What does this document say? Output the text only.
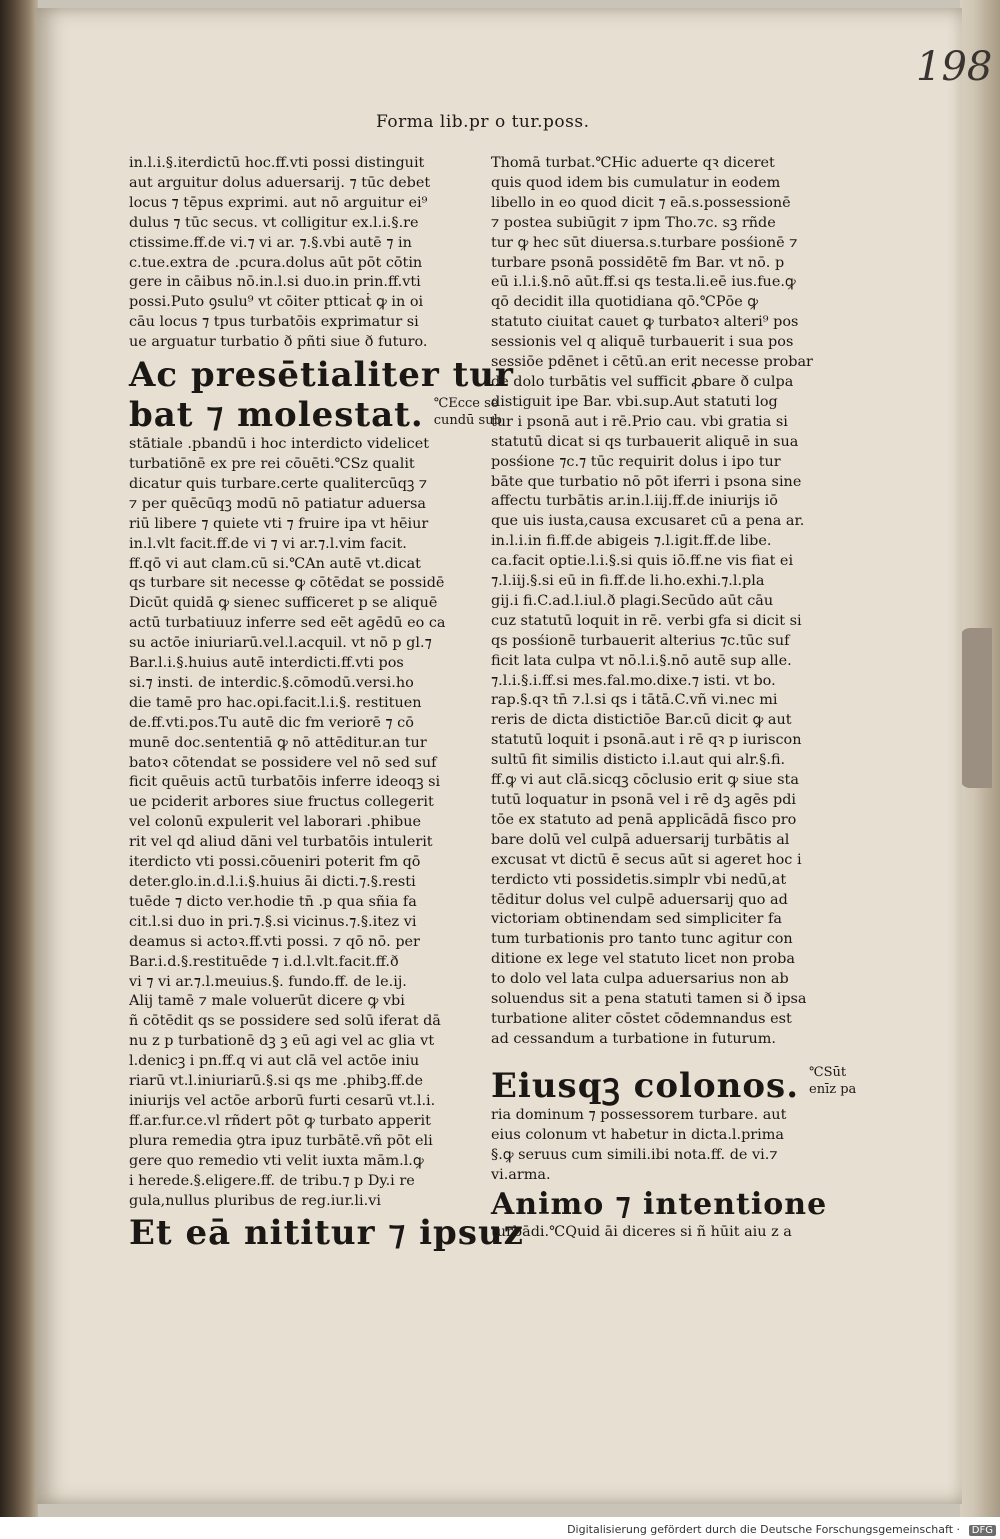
198
Forma lib.pr o tur.poss.
in.l.i.§.iterdictū hoc.ff.vti possi distinguit
aut arguitur dolus aduersarij. ⁊ tūc debet
locus ⁊ tēpus exprimi. aut nō arguitur ei⁹
dulus ⁊ tūc secus. vt colligitur ex.l.i.§.re
ctissime.ff.de vi.⁊ vi ar. ⁊.§.vbi autē ⁊ in
c.tue.extra de .pcura.dolus aūt pōt cōtin
gere in cāibus nō.in.l.si duo.in prin.ff.vti
possi.Puto ꝯsulu⁹ vt cōiter ptticaṫ ꝙ in oi
cāu locus ⁊ tpus turbatōis exprimatur si
ue arguatur turbatio ð pñti siue ð futuro.
Ac presētialiter tur
bat ⁊ molestat. ℃Ecce se
cundū sub
stātiale .pbandū i hoc interdicto videlicet
turbatiōnē ex pre rei cōuēti.℃Sz qualit
dicatur quis turbare.certe qualitercūqꝫ ⁊
⁊ per quēcūqꝫ modū nō patiatur aduersa
riū libere ⁊ quiete vti ⁊ fruire ipa vt hēiur
in.l.vlt facit.ff.de vi ⁊ vi ar.⁊.l.vim facit.
ff.qō vi aut clam.cū si.℃An autē vt.dicat
qs turbare sit necesse ꝙ cōtēdat se possidē
Dicūt quidā ꝙ sienec sufficeret p se aliquē
actū turbatiuuz inferre sed eēt agēdū eo ca
su actōe iniuriarū.vel.l.acquil. vt nō p gl.⁊
Bar.l.i.§.huius autē interdicti.ff.vti pos
si.⁊ insti. de interdic.§.cōmodū.versi.ho
die tamē pro hac.opi.facit.l.i.§. restituen
de.ff.vti.pos.Tu autē dic fm veriorē ⁊ cō
munē doc.sententiā ꝙ nō attēditur.an tur
batoꝛ cōtendat se possidere vel nō sed suf
ficit quēuis actū turbatōis inferre ideoqꝫ si
ue pciderit arbores siue fructus collegerit
vel colonū expulerit vel laborari .phibue
rit vel qd aliud dāni vel turbatōis intulerit
iterdicto vti possi.cōueniri poterit fm qō
deter.glo.in.d.l.i.§.huius āi dicti.⁊.§.resti
tuēde ⁊ dicto ver.hodie tn̄ .p qua sñia fa
cit.l.si duo in pri.⁊.§.si vicinus.⁊.§.itez vi
deamus si actoꝛ.ff.vti possi. ⁊ qō nō. per
Bar.i.d.§.restituēde ⁊ i.d.l.vlt.facit.ff.ð
vi ⁊ vi ar.⁊.l.meuius.§. fundo.ff. de le.ij.
Alij tamē ⁊ male voluerūt dicere ꝙ vbi
ñ cōtēdit qs se possidere sed solū iferat dā
nu z p turbationē dꝫ ꝫ eū agi vel ac glia vt
l.denicꝫ i pn.ff.q vi aut clā vel actōe iniu
riarū vt.l.iniuriarū.§.si qs me .phibꝫ.ff.de
iniurijs vel actōe arborū furti cesarū vt.l.i.
ff.ar.fur.ce.vl rñdert pōt ꝙ turbato apperit
plura remedia ꝯtra ipuz turbātē.vñ pōt eli
gere quo remedio vti velit iuxta mām.l.ꝙ
i herede.§.eligere.ff. de tribu.⁊ p Dy.i re
gula,nullus pluribus de reg.iur.li.vi
Et eā nititur ⁊ ipsuz
Thomā turbat.℃Hic aduerte qꝛ diceret
quis quod idem bis cumulatur in eodem
libello in eo quod dicit ⁊ eā.s.possessionē
⁊ postea subiūgit ⁊ ipm Tho.⁊c. sꝫ rñde
tur ꝙ hec sūt diuersa.s.turbare posśionē ⁊
turbare psonā possidētē fm Bar. vt nō. p
eū i.l.i.§.nō aūt.ff.si qs testa.li.eē ius.fue.ꝙ
qō decidit illa quotidiana qō.℃Pōe ꝙ
statuto ciuitat cauet ꝙ turbatoꝛ alteri⁹ pos
sessionis vel q aliquē turbauerit i sua pos
sessiōe pdēnet i cētū.an erit necesse probar
de dolo turbātis vel sufficit ꝓbare ð culpa
distiguit ipe Bar. vbi.sup.Aut statuti log
tur i psonā aut i rē.Prio cau. vbi gratia si
statutū dicat si qs turbauerit aliquē in sua
posśione ⁊c.⁊ tūc requirit dolus i ipo tur
bāte que turbatio nō pōt iferri i psona sine
affectu turbātis ar.in.l.iij.ff.de iniurijs iō
que uis iusta,causa excusaret cū a pena ar.
in.l.i.in fi.ff.de abigeis ⁊.l.igit.ff.de libe.
ca.facit optie.l.i.§.si quis iō.ff.ne vis fiat ei
⁊.l.iij.§.si eū in fi.ff.de li.ho.exhi.⁊.l.pla
gij.i fi.C.ad.l.iul.ð plagi.Secūdo aūt cāu
cuz statutū loquit in rē. verbi gfa si dicit si
qs posśionē turbauerit alterius ⁊c.tūc suf
ficit lata culpa vt nō.l.i.§.nō autē sup alle.
⁊.l.i.§.i.ff.si mes.fal.mo.dixe.⁊ isti. vt bo.
rap.§.qꝛ tn̄ ⁊.l.si qs i tātā.C.vñ vi.nec mi
reris de dicta distictiōe Bar.cū dicit ꝙ aut
statutū loquit i psonā.aut i rē qꝛ p iuriscon
sultū fit similis disticto i.l.aut qui alr.§.fi.
ff.ꝙ vi aut clā.sicqꝫ cōclusio erit ꝙ siue sta
tutū loquatur in psonā vel i rē dꝫ agēs pdi
tōe ex statuto ad penā applicādā fisco pro
bare dolū vel culpā aduersarij turbātis al
excusat vt dictū ē secus aūt si ageret hoc i
terdicto vti possidetis.simplr vbi nedū,at
tēditur dolus vel culpē aduersarij quo ad
victoriam obtinendam sed simpliciter fa
tum turbationis pro tanto tunc agitur con
ditione ex lege vel statuto licet non proba
to dolo vel lata culpa aduersarius non ab
soluendus sit a pena statuti tamen si ð ipsa
turbatione aliter cōstet cōdemnandus est
ad cessandum a turbatione in futurum.
Eiusqꝫ colonos. ℃Sūt
enīz pa
ria dominum ⁊ possessorem turbare. aut
eius colonum vt habetur in dicta.l.prima
§.ꝙ seruus cum simili.ibi nota.ff. de vi.⁊
vi.arma.
Animo ⁊ intentione
turbādi.℃Quid āi diceres si ñ hūit aiu z a
Digitalisierung gefördert durch die Deutsche Forschungsgemeinschaft ·	DFG
